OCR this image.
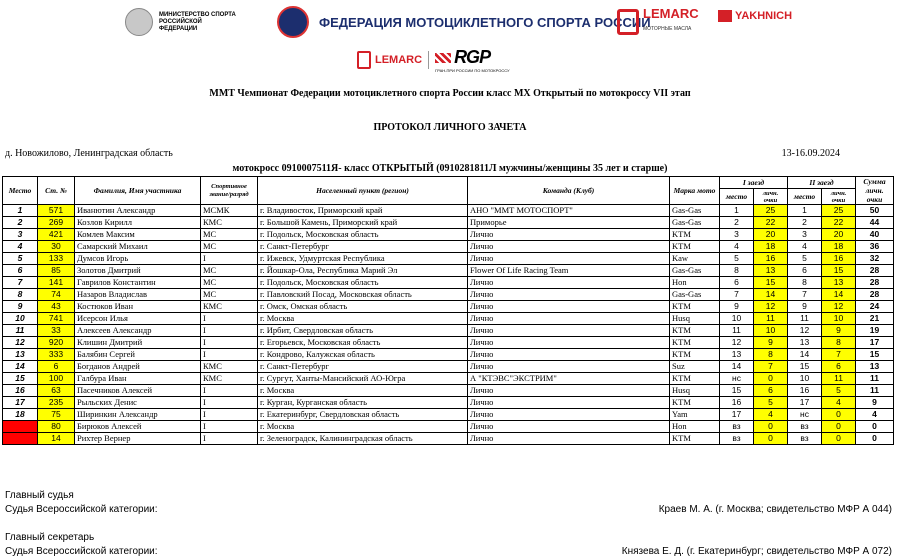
МИНИСТЕРСТВО СПОРТА РОССИЙСКОЙ ФЕДЕРАЦИИ	ФЕДЕРАЦИЯ МОТОЦИКЛЕТНОГО СПОРТА РОССИИ
LEMARC
МОТОРНЫЕ МАСЛА
YAKHNICH
LEMARC	RGP
ГРАН-ПРИ РОССИИ ПО МОТОКРОССУ
ММТ Чемпионат Федерации мотоциклетного спорта России класс МХ Открытый по мотокроссу VII этап
ПРОТОКОЛ ЛИЧНОГО ЗАЧЕТА
д. Новожилово, Ленинградская область	13-16.09.2024
мотокросс 0910007511Я- класс ОТКРЫТЫЙ (0910281811Л мужчины/женщины 35 лет и старше)
Место	Ст. №	Фамилия, Имя участника	Спортивное звание/разряд	Населенный пункт (регион)	Команда (Клуб)	Марка мото	I заезд		II заезд		Сумма личн. очки
							место	личн. очки	место	личн. очки	
1	571	Иванютин Александр	МСМК	г. Владивосток, Приморский край	АНО "ММТ МОТОСПОРТ"	Gas-Gas	1	25	1	25	50
2	269	Козлов Кирилл	КМС	г. Большой Камень, Приморский край	Приморье	Gas-Gas	2	22	2	22	44
3	421	Комлев Максим	МС	г. Подольск, Московская область	Лично	KTM	3	20	3	20	40
4	30	Самарский Михаил	МС	г. Санкт-Петербург	Лично	KTM	4	18	4	18	36
5	133	Думсов Игорь	I	г. Ижевск, Удмуртская Республика	Лично	Kaw	5	16	5	16	32
6	85	Золотов Дмитрий	МС	г. Йошкар-Ола, Республика Марий Эл	Flower Of Life Racing Team	Gas-Gas	8	13	6	15	28
7	141	Гаврилов Константин	МС	г. Подольск, Московская область	Лично	Hon	6	15	8	13	28
8	74	Назаров Владислав	МС	г. Павловский Посад, Московская область	Лично	Gas-Gas	7	14	7	14	28
9	43	Костюков Иван	КМС	г. Омск, Омская область	Лично	KTM	9	12	9	12	24
10	741	Исерсон Илья	I	г. Москва	Лично	Husq	10	11	11	10	21
11	33	Алексеев Александр	I	г. Ирбит, Свердловская область	Лично	KTM	11	10	12	9	19
12	920	Клишин Дмитрий	I	г. Егорьевск, Московская область	Лично	KTM	12	9	13	8	17
13	333	Балябин Сергей	I	г. Кондрово, Калужская область	Лично	KTM	13	8	14	7	15
14	6	Богданов Андрей	КМС	г. Санкт-Петербург	Лично	Suz	14	7	15	6	13
15	100	Галбура Иван	КМС	г. Сургут, Ханты-Мансийский АО-Югра	А "КТЭВС"ЭКСТРИМ"	KTM	нс	0	10	11	11
16	63	Пасечников Алексей	I	г. Москва	Лично	Husq	15	6	16	5	11
17	235	Рыльских Денис	I	г. Курган, Курганская область	Лично	KTM	16	5	17	4	9
18	75	Ширинкин Александр	I	г. Екатеринбург, Свердловская область	Лично	Yam	17	4	нс	0	4
	80	Бирюков Алексей	I	г. Москва	Лично	Hon	вз	0	вз	0	0
	14	Рихтер Вернер	I	г. Зеленоградск, Калининградская область	Лично	KTM	вз	0	вз	0	0
Главный судья
Судья Всероссийской категории:	Краев М. А. (г. Москва; свидетельство МФР А 044)
Главный секретарь
Судья Всероссийской категории:	Князева Е. Д. (г. Екатеринбург; свидетельство МФР А 072)
